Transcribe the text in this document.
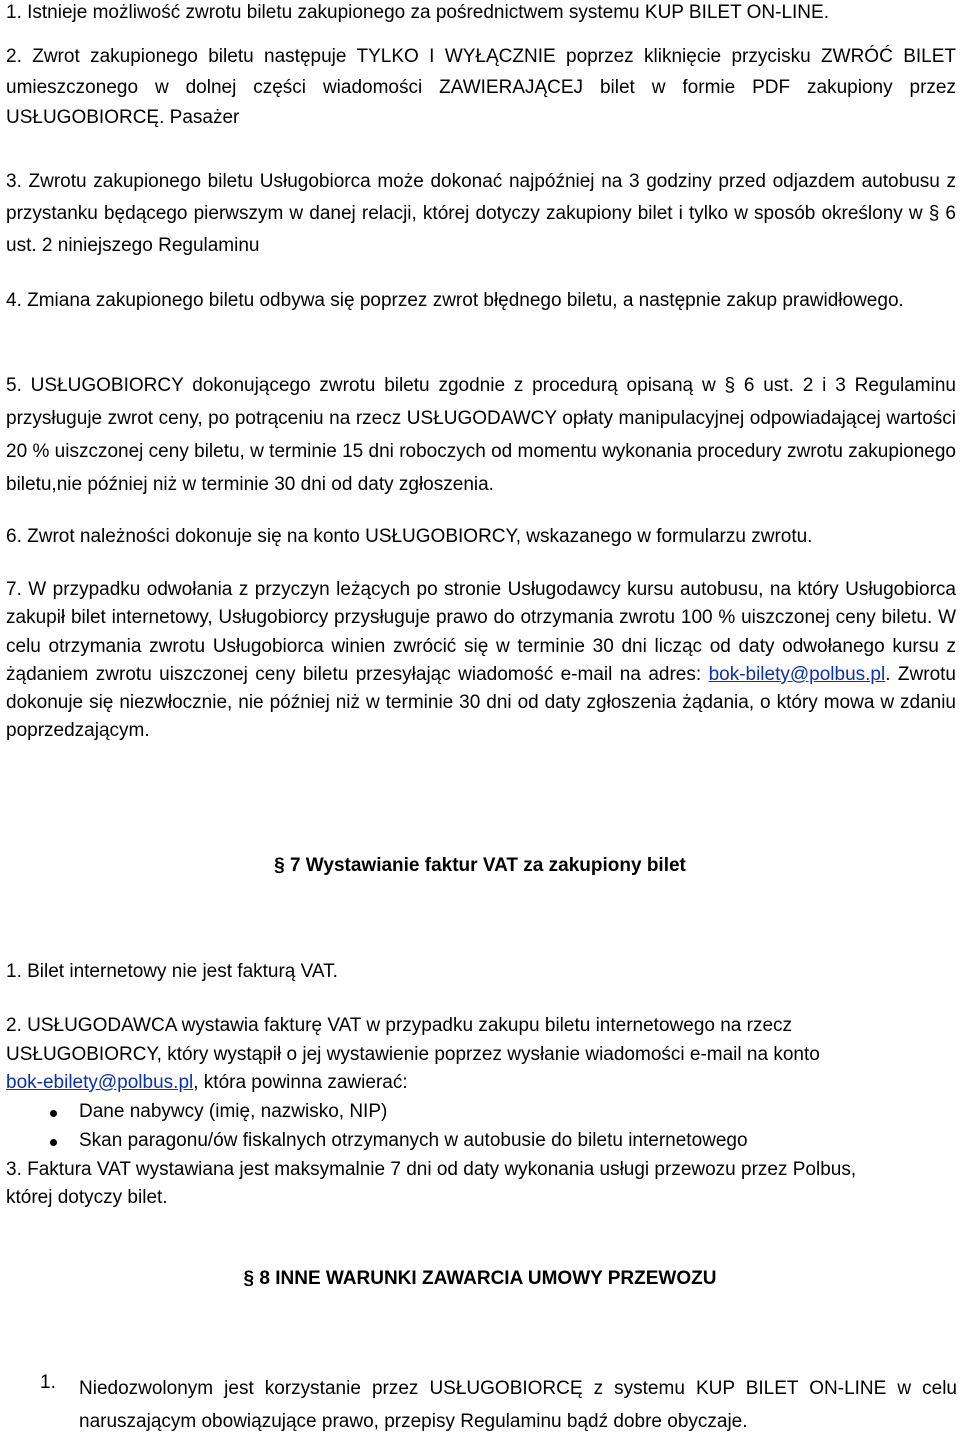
1. Istnieje możliwość zwrotu biletu zakupionego za pośrednictwem systemu KUP BILET ON-LINE.

2. Zwrot zakupionego biletu następuje TYLKO I WYŁĄCZNIE poprzez kliknięcie przycisku ZWRÓĆ BILET umieszczonego w dolnej części wiadomości ZAWIERAJĄCEJ bilet w formie PDF zakupiony przez USŁUGOBIORCĘ. Pasażer

3. Zwrotu zakupionego biletu Usługobiorca może dokonać najpóźniej na 3 godziny przed odjazdem autobusu z przystanku będącego pierwszym w danej relacji, której dotyczy zakupiony bilet i tylko w sposób określony w § 6 ust. 2 niniejszego Regulaminu

4. Zmiana zakupionego biletu odbywa się poprzez zwrot błędnego biletu, a następnie zakup prawidłowego.

5. USŁUGOBIORCY dokonującego zwrotu biletu zgodnie z procedurą opisaną w § 6 ust. 2 i 3 Regulaminu przysługuje zwrot ceny, po potrąceniu na rzecz USŁUGODAWCY opłaty manipulacyjnej odpowiadającej wartości 20 % uiszczonej ceny biletu, w terminie 15 dni roboczych od momentu wykonania procedury zwrotu zakupionego biletu,nie później niż w terminie 30 dni od daty zgłoszenia.

6. Zwrot należności dokonuje się na konto USŁUGOBIORCY, wskazanego w formularzu zwrotu.

7. W przypadku odwołania z przyczyn leżących po stronie Usługodawcy kursu autobusu, na który Usługobiorca zakupił bilet internetowy, Usługobiorcy przysługuje prawo do otrzymania zwrotu 100 % uiszczonej ceny biletu. W celu otrzymania zwrotu Usługobiorca winien zwrócić się w terminie 30 dni licząc od daty odwołanego kursu z żądaniem zwrotu uiszczonej ceny biletu przesyłając wiadomość e-mail na adres: bok-bilety@polbus.pl. Zwrotu dokonuje się niezwłocznie, nie później niż w terminie 30 dni od daty zgłoszenia żądania, o który mowa w zdaniu poprzedzającym.

§ 7 Wystawianie faktur VAT za zakupiony bilet
1. Bilet internetowy nie jest fakturą VAT.
2. USŁUGODAWCA wystawia fakturę VAT w przypadku zakupu biletu internetowego na rzecz
USŁUGOBIORCY, który wystąpił o jej wystawienie poprzez wysłanie wiadomości e-mail na konto
bok-ebilety@polbus.pl, która powinna zawierać:
Dane nabywcy (imię, nazwisko, NIP)
Skan paragonu/ów fiskalnych otrzymanych w autobusie do biletu internetowego
3. Faktura VAT wystawiana jest maksymalnie 7 dni od daty wykonania usługi przewozu przez Polbus,
której dotyczy bilet.
§ 8 INNE WARUNKI ZAWARCIA UMOWY PRZEWOZU
1. Niedozwolonym jest korzystanie przez USŁUGOBIORCĘ z systemu KUP BILET ON-LINE w celu naruszającym obowiązujące prawo, przepisy Regulaminu bądź dobre obyczaje.
